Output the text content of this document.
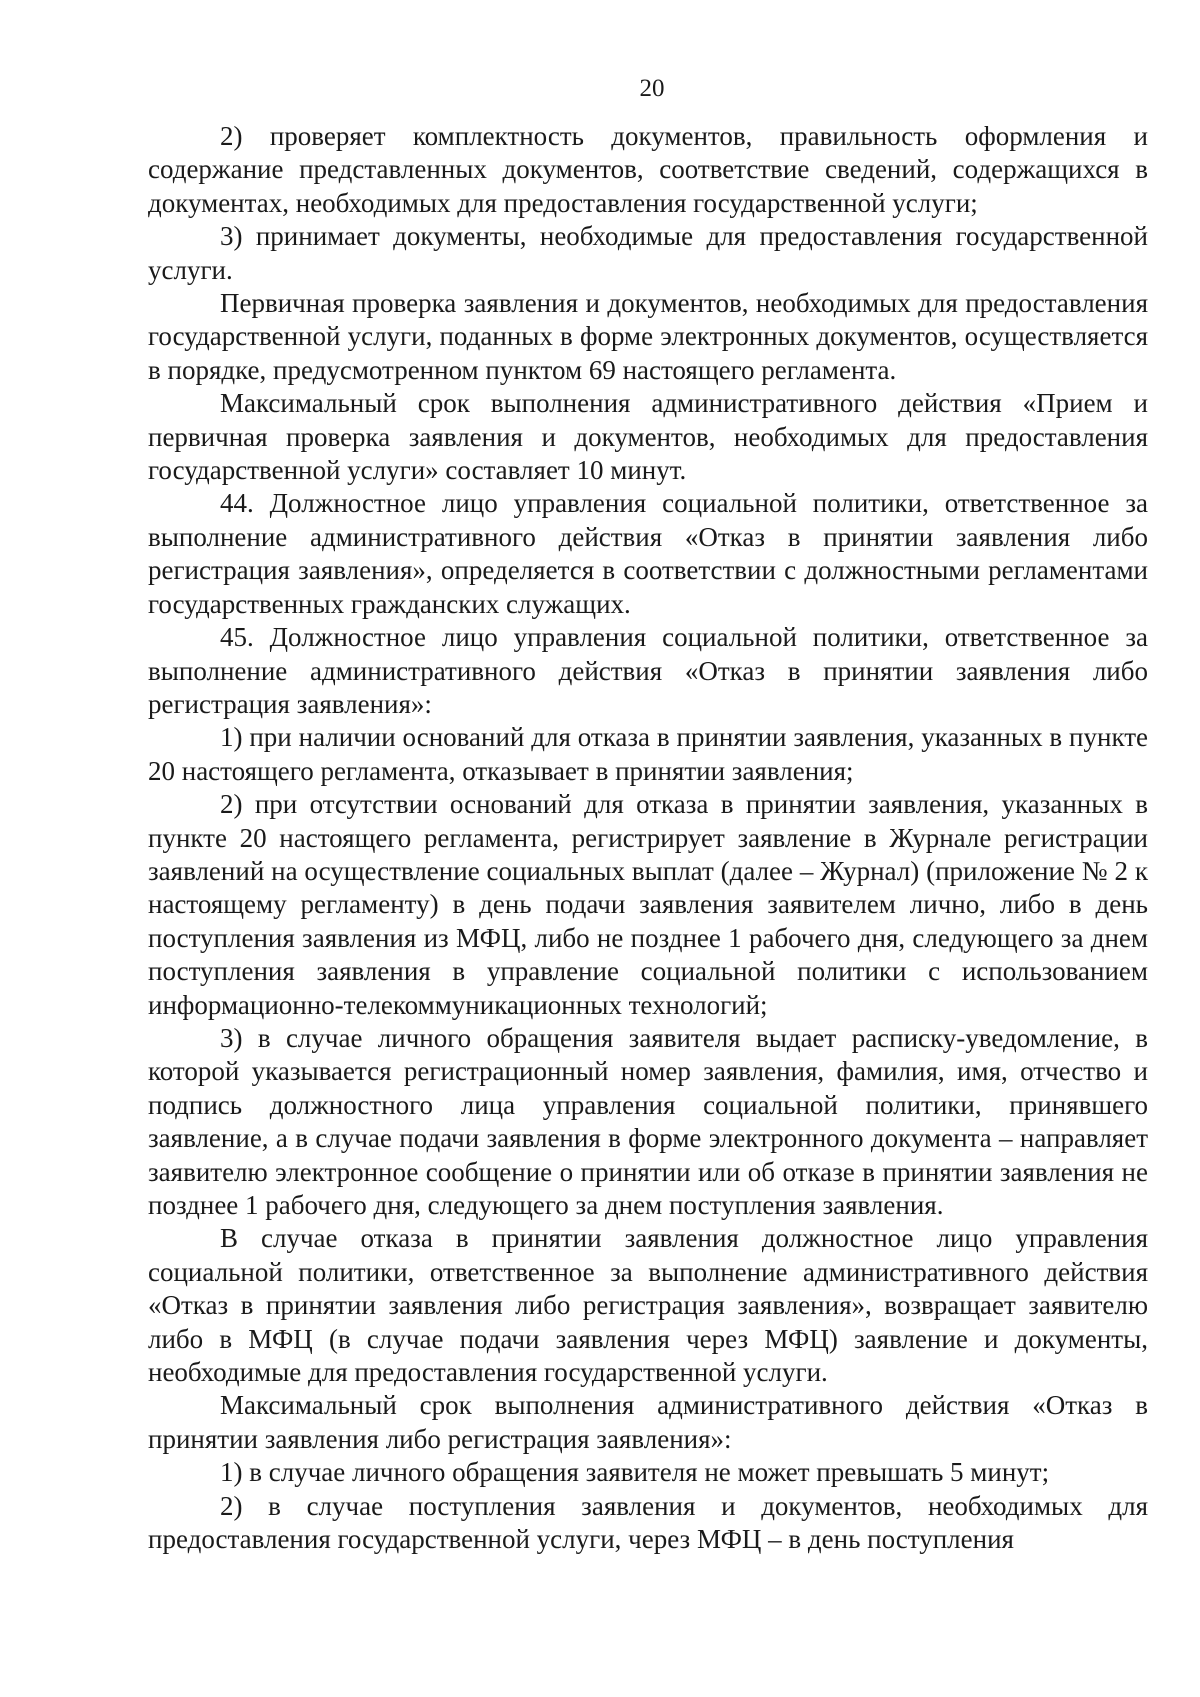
20

2) проверяет комплектность документов, правильность оформления и содержание представленных документов, соответствие сведений, содержащихся в документах, необходимых для предоставления государственной услуги;

3) принимает документы, необходимые для предоставления государственной услуги.

Первичная проверка заявления и документов, необходимых для предоставления государственной услуги, поданных в форме электронных документов, осуществляется в порядке, предусмотренном пунктом 69 настоящего регламента.

Максимальный срок выполнения административного действия «Прием и первичная проверка заявления и документов, необходимых для предоставления государственной услуги» составляет 10 минут.

44. Должностное лицо управления социальной политики, ответственное за выполнение административного действия «Отказ в принятии заявления либо регистрация заявления», определяется в соответствии с должностными регламентами государственных гражданских служащих.

45. Должностное лицо управления социальной политики, ответственное за выполнение административного действия «Отказ в принятии заявления либо регистрация заявления»:

1) при наличии оснований для отказа в принятии заявления, указанных в пункте 20 настоящего регламента, отказывает в принятии заявления;

2) при отсутствии оснований для отказа в принятии заявления, указанных в пункте 20 настоящего регламента, регистрирует заявление в Журнале регистрации заявлений на осуществление социальных выплат (далее – Журнал) (приложение № 2 к настоящему регламенту) в день подачи заявления заявителем лично, либо в день поступления заявления из МФЦ, либо не позднее 1 рабочего дня, следующего за днем поступления заявления в управление социальной политики с использованием информационно-телекоммуникационных технологий;

3) в случае личного обращения заявителя выдает расписку-уведомление, в которой указывается регистрационный номер заявления, фамилия, имя, отчество и подпись должностного лица управления социальной политики, принявшего заявление, а в случае подачи заявления в форме электронного документа – направляет заявителю электронное сообщение о принятии или об отказе в принятии заявления не позднее 1 рабочего дня, следующего за днем поступления заявления.

В случае отказа в принятии заявления должностное лицо управления социальной политики, ответственное за выполнение административного действия «Отказ в принятии заявления либо регистрация заявления», возвращает заявителю либо в МФЦ (в случае подачи заявления через МФЦ) заявление и документы, необходимые для предоставления государственной услуги.

Максимальный срок выполнения административного действия «Отказ в принятии заявления либо регистрация заявления»:

1) в случае личного обращения заявителя не может превышать 5 минут;

2) в случае поступления заявления и документов, необходимых для предоставления государственной услуги, через МФЦ – в день поступления
